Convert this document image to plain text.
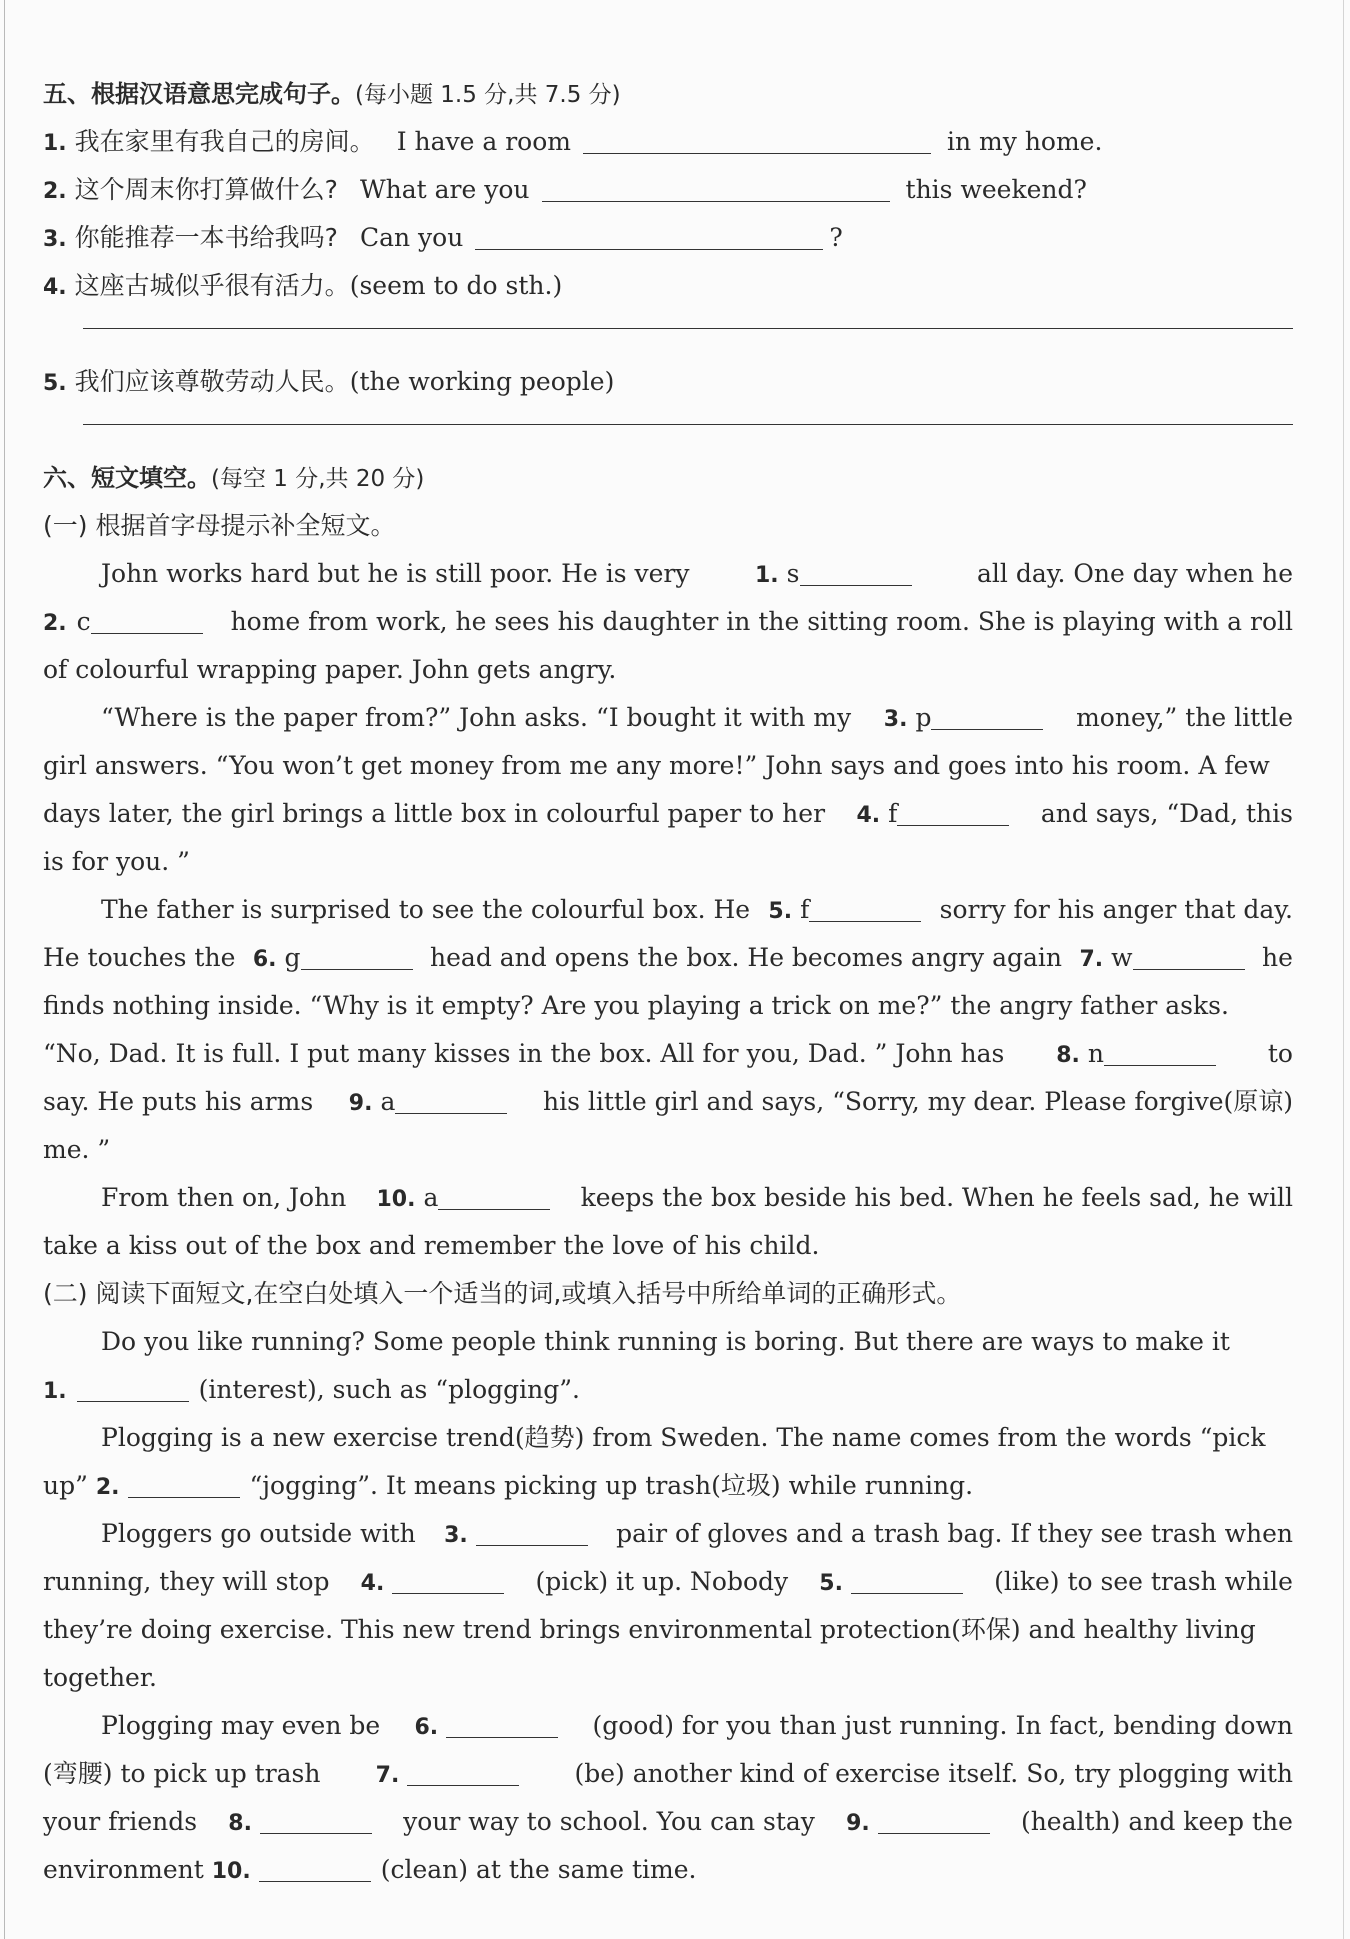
五、根据汉语意思完成句子。(每小题 1.5 分,共 7.5 分)
1. 我在家里有我自己的房间。 I have a room	in my home.
2. 这个周末你打算做什么? What are you	this weekend?
3. 你能推荐一本书给我吗? Can you	?
4. 这座古城似乎很有活力。(seem to do sth.)
5. 我们应该尊敬劳动人民。(the working people)
六、短文填空。(每空 1 分,共 20 分)
(一) 根据首字母提示补全短文。
John works hard but he is still poor. He is very	1. s	all day. One day when he
2. c	home from work, he sees his daughter in the sitting room. She is playing with a roll
of colourful wrapping paper. John gets angry.
“Where is the paper from?” John asks. “I bought it with my 3. p	money,” the little
girl answers. “You won’t get money from me any more!” John says and goes into his room. A few
days later, the girl brings a little box in colourful paper to her 4. f	and says, “Dad, this
is for you. ”
The father is surprised to see the colourful box. He 5. f	sorry for his anger that day.
He touches the 6. g	head and opens the box. He becomes angry again 7. w	he
finds nothing inside. “Why is it empty? Are you playing a trick on me?” the angry father asks.
“No, Dad. It is full. I put many kisses in the box. All for you, Dad. ” John has 8. n	to
say. He puts his arms 9. a	his little girl and says, “Sorry, my dear. Please forgive(原谅)
me. ”
From then on, John 10. a	keeps the box beside his bed. When he feels sad, he will
take a kiss out of the box and remember the love of his child.
(二) 阅读下面短文,在空白处填入一个适当的词,或填入括号中所给单词的正确形式。
Do you like running? Some people think running is boring. But there are ways to make it
1.	(interest), such as “plogging”.
Plogging is a new exercise trend(趋势) from Sweden. The name comes from the words “pick
up” 2.	“jogging”. It means picking up trash(垃圾) while running.
Ploggers go outside with 3.	pair of gloves and a trash bag. If they see trash when
running, they will stop 4.	(pick) it up. Nobody 5.	(like) to see trash while
they’re doing exercise. This new trend brings environmental protection(环保) and healthy living
together.
Plogging may even be 6.	(good) for you than just running. In fact, bending down
(弯腰) to pick up trash	7.	(be) another kind of exercise itself. So, try plogging with
your friends 8.	your way to school. You can stay 9.	(health) and keep the
environment 10.	(clean) at the same time.
